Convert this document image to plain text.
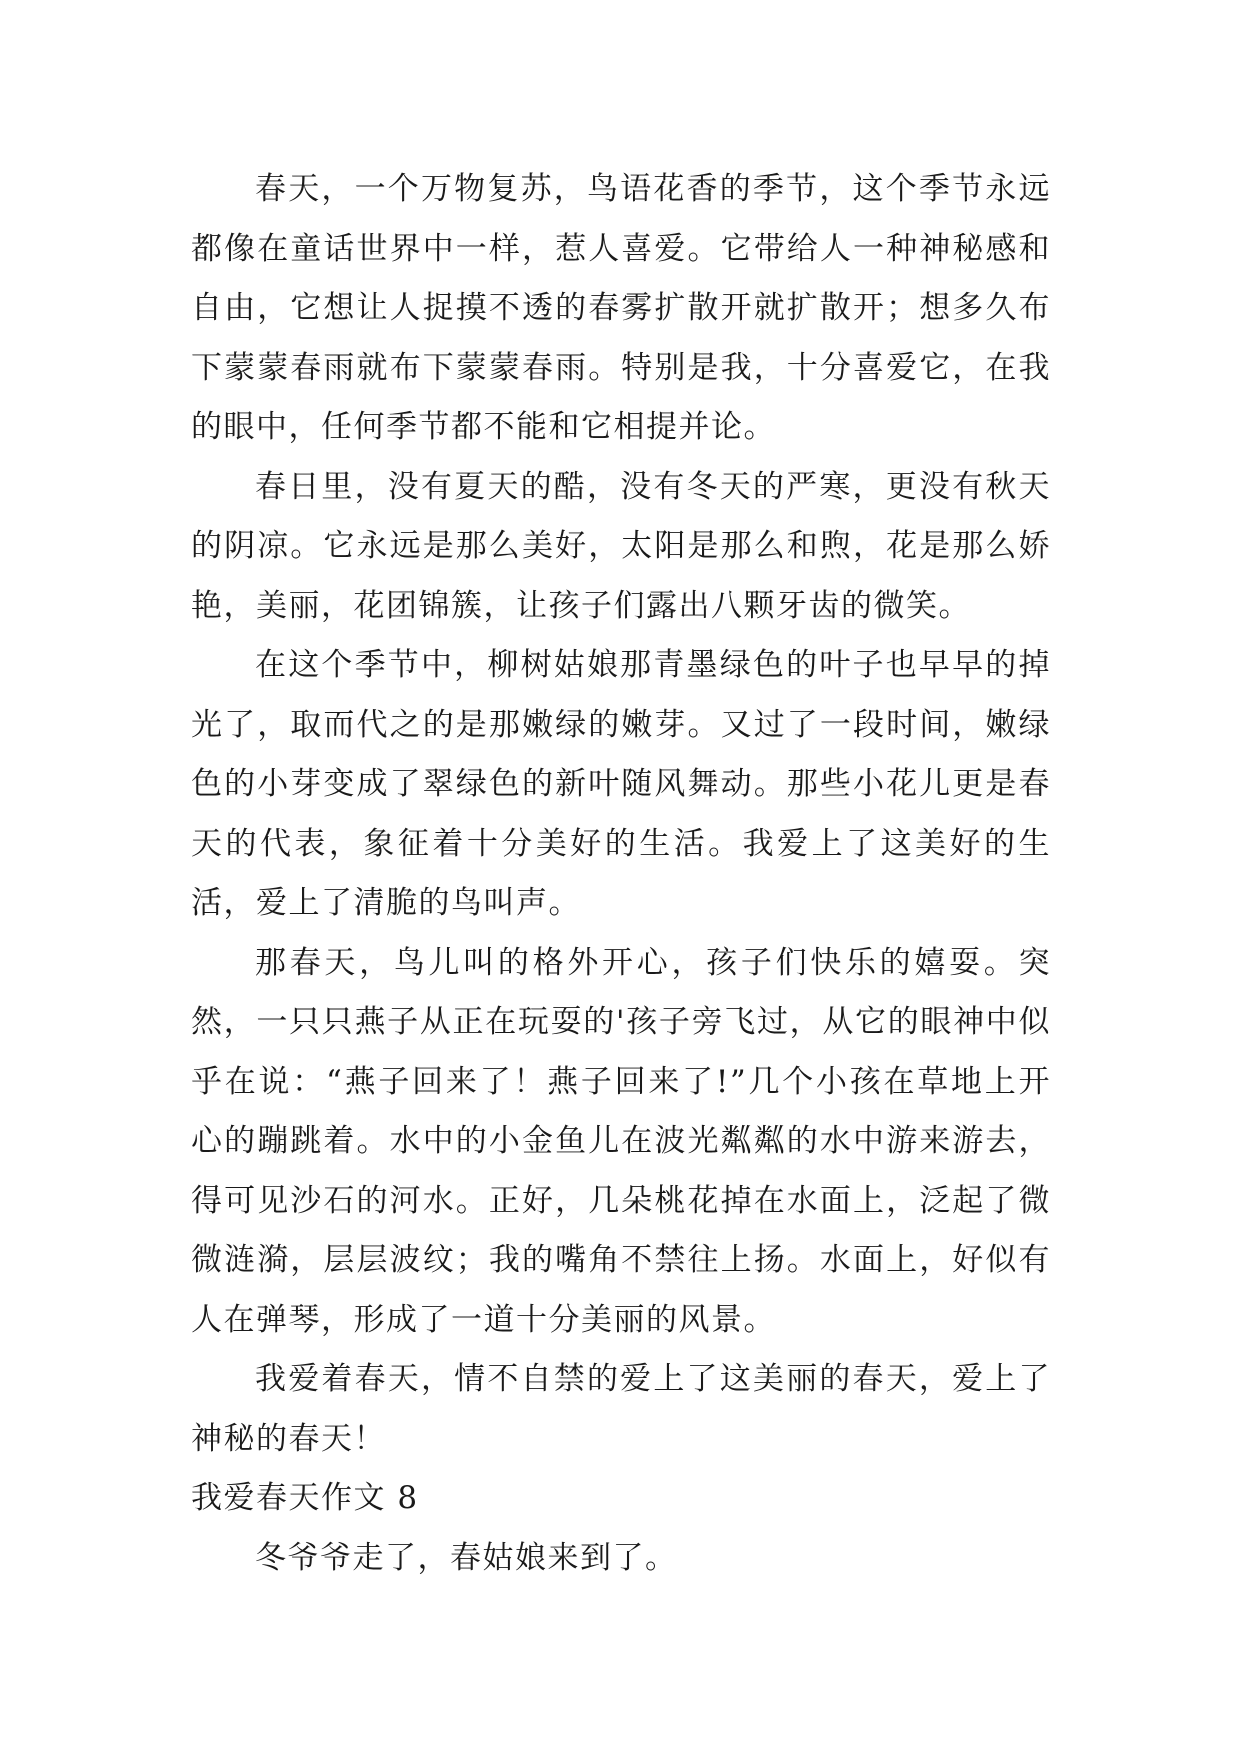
春天，一个万物复苏，鸟语花香的季节，这个季节永远都像在童话世界中一样，惹人喜爱。它带给人一种神秘感和自由，它想让人捉摸不透的春雾扩散开就扩散开；想多久布下蒙蒙春雨就布下蒙蒙春雨。特别是我，十分喜爱它，在我的眼中，任何季节都不能和它相提并论。

春日里，没有夏天的酷，没有冬天的严寒，更没有秋天的阴凉。它永远是那么美好，太阳是那么和煦，花是那么娇艳，美丽，花团锦簇，让孩子们露出八颗牙齿的微笑。

在这个季节中，柳树姑娘那青墨绿色的叶子也早早的掉光了，取而代之的是那嫩绿的嫩芽。又过了一段时间，嫩绿色的小芽变成了翠绿色的新叶随风舞动。那些小花儿更是春天的代表，象征着十分美好的生活。我爱上了这美好的生活，爱上了清脆的鸟叫声。

那春天，鸟儿叫的格外开心，孩子们快乐的嬉耍。突然，一只只燕子从正在玩耍的'孩子旁飞过，从它的眼神中似乎在说：“燕子回来了！燕子回来了!”几个小孩在草地上开心的蹦跳着。水中的小金鱼儿在波光粼粼的水中游来游去，得可见沙石的河水。正好，几朵桃花掉在水面上，泛起了微微涟漪，层层波纹；我的嘴角不禁往上扬。水面上，好似有人在弹琴，形成了一道十分美丽的风景。

我爱着春天，情不自禁的爱上了这美丽的春天，爱上了神秘的春天！

我爱春天作文 8

冬爷爷走了，春姑娘来到了。
